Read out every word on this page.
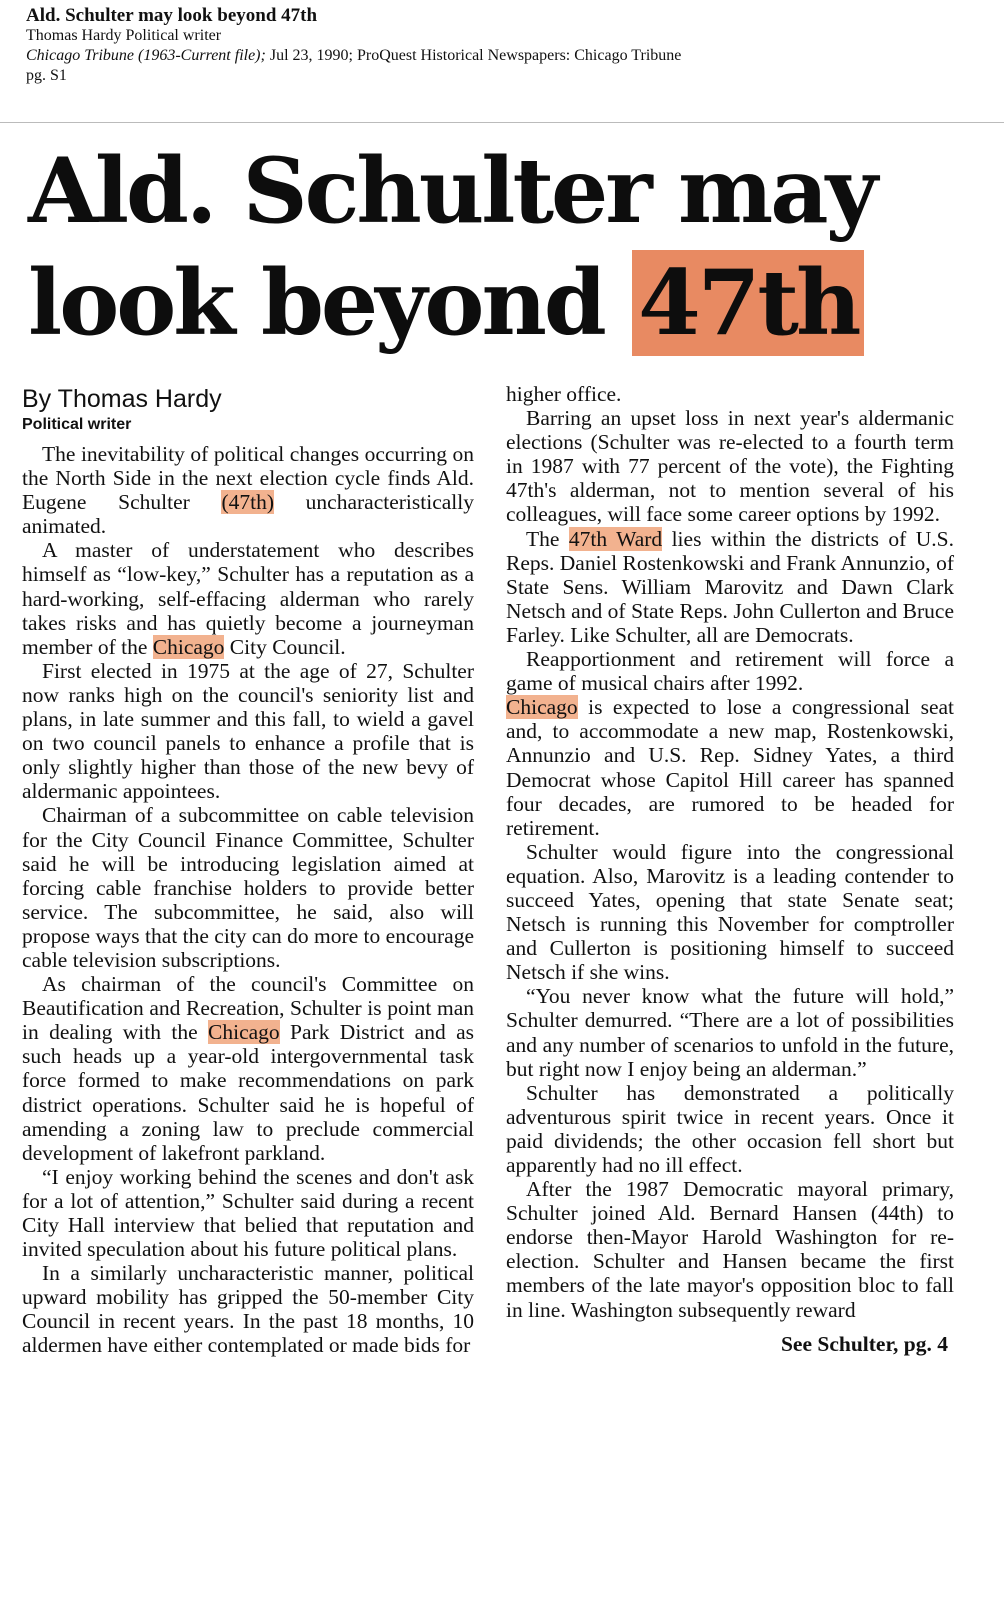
Ald. Schulter may look beyond 47th
Thomas Hardy Political writer
Chicago Tribune (1963-Current file); Jul 23, 1990; ProQuest Historical Newspapers: Chicago Tribune
pg. S1
Ald. Schulter may
look beyond 47th
By Thomas Hardy
Political writer

The inevitability of political changes occurring on the North Side in the next election cycle finds Ald. Eugene Schulter (47th) uncharacteristically animated.

A master of understatement who describes himself as “low-key,” Schulter has a reputation as a hard-working, self-effacing alderman who rarely takes risks and has quietly become a journeyman member of the Chicago City Council.

First elected in 1975 at the age of 27, Schulter now ranks high on the council's seniority list and plans, in late summer and this fall, to wield a gavel on two council panels to enhance a profile that is only slightly higher than those of the new bevy of aldermanic appointees.

Chairman of a subcommittee on cable television for the City Council Finance Committee, Schulter said he will be introducing legislation aimed at forcing cable franchise holders to provide better service. The subcommittee, he said, also will propose ways that the city can do more to encourage cable television subscriptions.

As chairman of the council's Committee on Beautification and Recreation, Schulter is point man in dealing with the Chicago Park District and as such heads up a year-old intergovernmental task force formed to make recommendations on park district operations. Schulter said he is hopeful of amending a zoning law to preclude commercial development of lakefront parkland.

“I enjoy working behind the scenes and don't ask for a lot of attention,” Schulter said during a recent City Hall interview that belied that reputation and invited speculation about his future political plans.

In a similarly uncharacteristic manner, political upward mobility has gripped the 50-member City Council in recent years. In the past 18 months, 10 aldermen have either contemplated or made bids for

higher office.

Barring an upset loss in next year's aldermanic elections (Schulter was re-elected to a fourth term in 1987 with 77 percent of the vote), the Fighting 47th's alderman, not to mention several of his colleagues, will face some career options by 1992.

The 47th Ward lies within the districts of U.S. Reps. Daniel Rostenkowski and Frank Annunzio, of State Sens. William Marovitz and Dawn Clark Netsch and of State Reps. John Cullerton and Bruce Farley. Like Schulter, all are Democrats.

Reapportionment and retirement will force a game of musical chairs after 1992.

Chicago is expected to lose a congressional seat and, to accommodate a new map, Rostenkowski, Annunzio and U.S. Rep. Sidney Yates, a third Democrat whose Capitol Hill career has spanned four decades, are rumored to be headed for retirement.

Schulter would figure into the congressional equation. Also, Marovitz is a leading contender to succeed Yates, opening that state Senate seat; Netsch is running this November for comptroller and Cullerton is positioning himself to succeed Netsch if she wins.

“You never know what the future will hold,” Schulter demurred. “There are a lot of possibilities and any number of scenarios to unfold in the future, but right now I enjoy being an alderman.”

Schulter has demonstrated a politically adventurous spirit twice in recent years. Once it paid dividends; the other occasion fell short but apparently had no ill effect.

After the 1987 Democratic mayoral primary, Schulter joined Ald. Bernard Hansen (44th) to endorse then-Mayor Harold Washington for re-election. Schulter and Hansen became the first members of the late mayor's opposition bloc to fall in line. Washington subsequently reward

See Schulter, pg. 4
